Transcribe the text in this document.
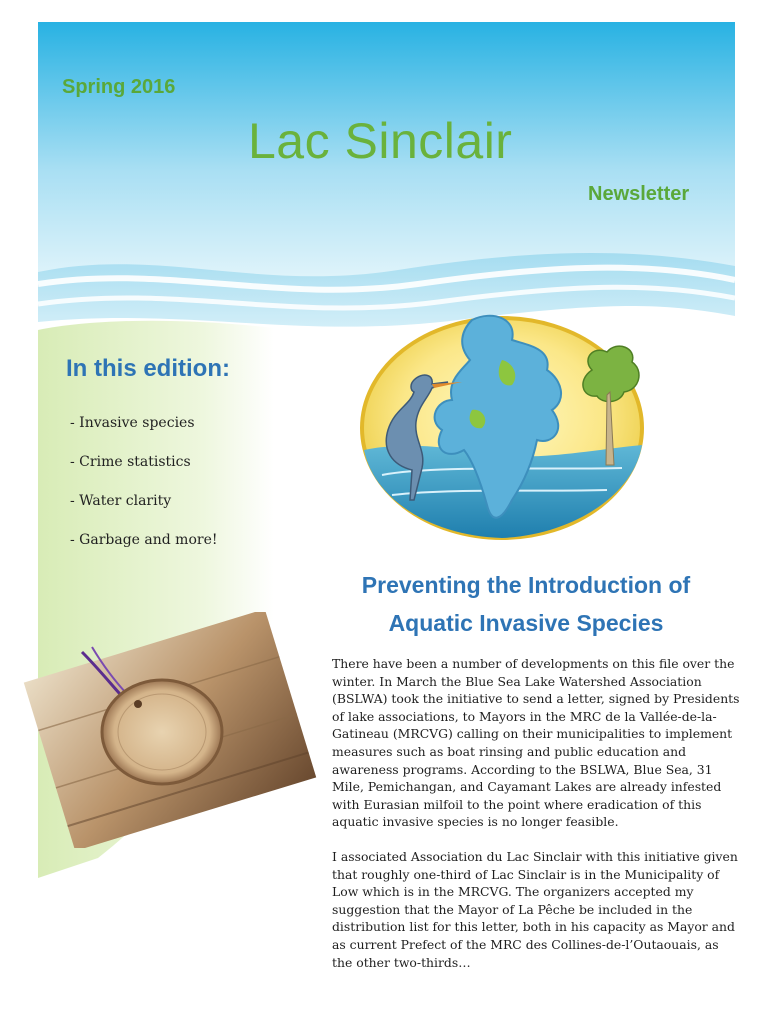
Spring 2016
Lac Sinclair
Newsletter
In this edition:
- Invasive species
- Crime statistics
- Water clarity
- Garbage and more!
Preventing the Introduction of
Aquatic Invasive Species

There have been a number of developments on this file over the winter. In March the Blue Sea Lake Watershed Association (BSLWA) took the initiative to send a letter, signed by Presidents of lake associations, to Mayors in the MRC de la Vallée-de-la-Gatineau (MRCVG) calling on their municipalities to implement measures such as boat rinsing and public education and awareness programs. According to the BSLWA, Blue Sea, 31 Mile, Pemichangan, and Cayamant Lakes are already infested with Eurasian milfoil to the point where eradication of this aquatic invasive species is no longer feasible.

I associated Association du Lac Sinclair with this initiative given that roughly one-third of Lac Sinclair is in the Municipality of Low which is in the MRCVG. The organizers accepted my suggestion that the Mayor of La Pêche be included in the distribution list for this letter, both in his capacity as Mayor and as current Prefect of the MRC des Collines-de-l’Outaouais, as the other two-thirds…
